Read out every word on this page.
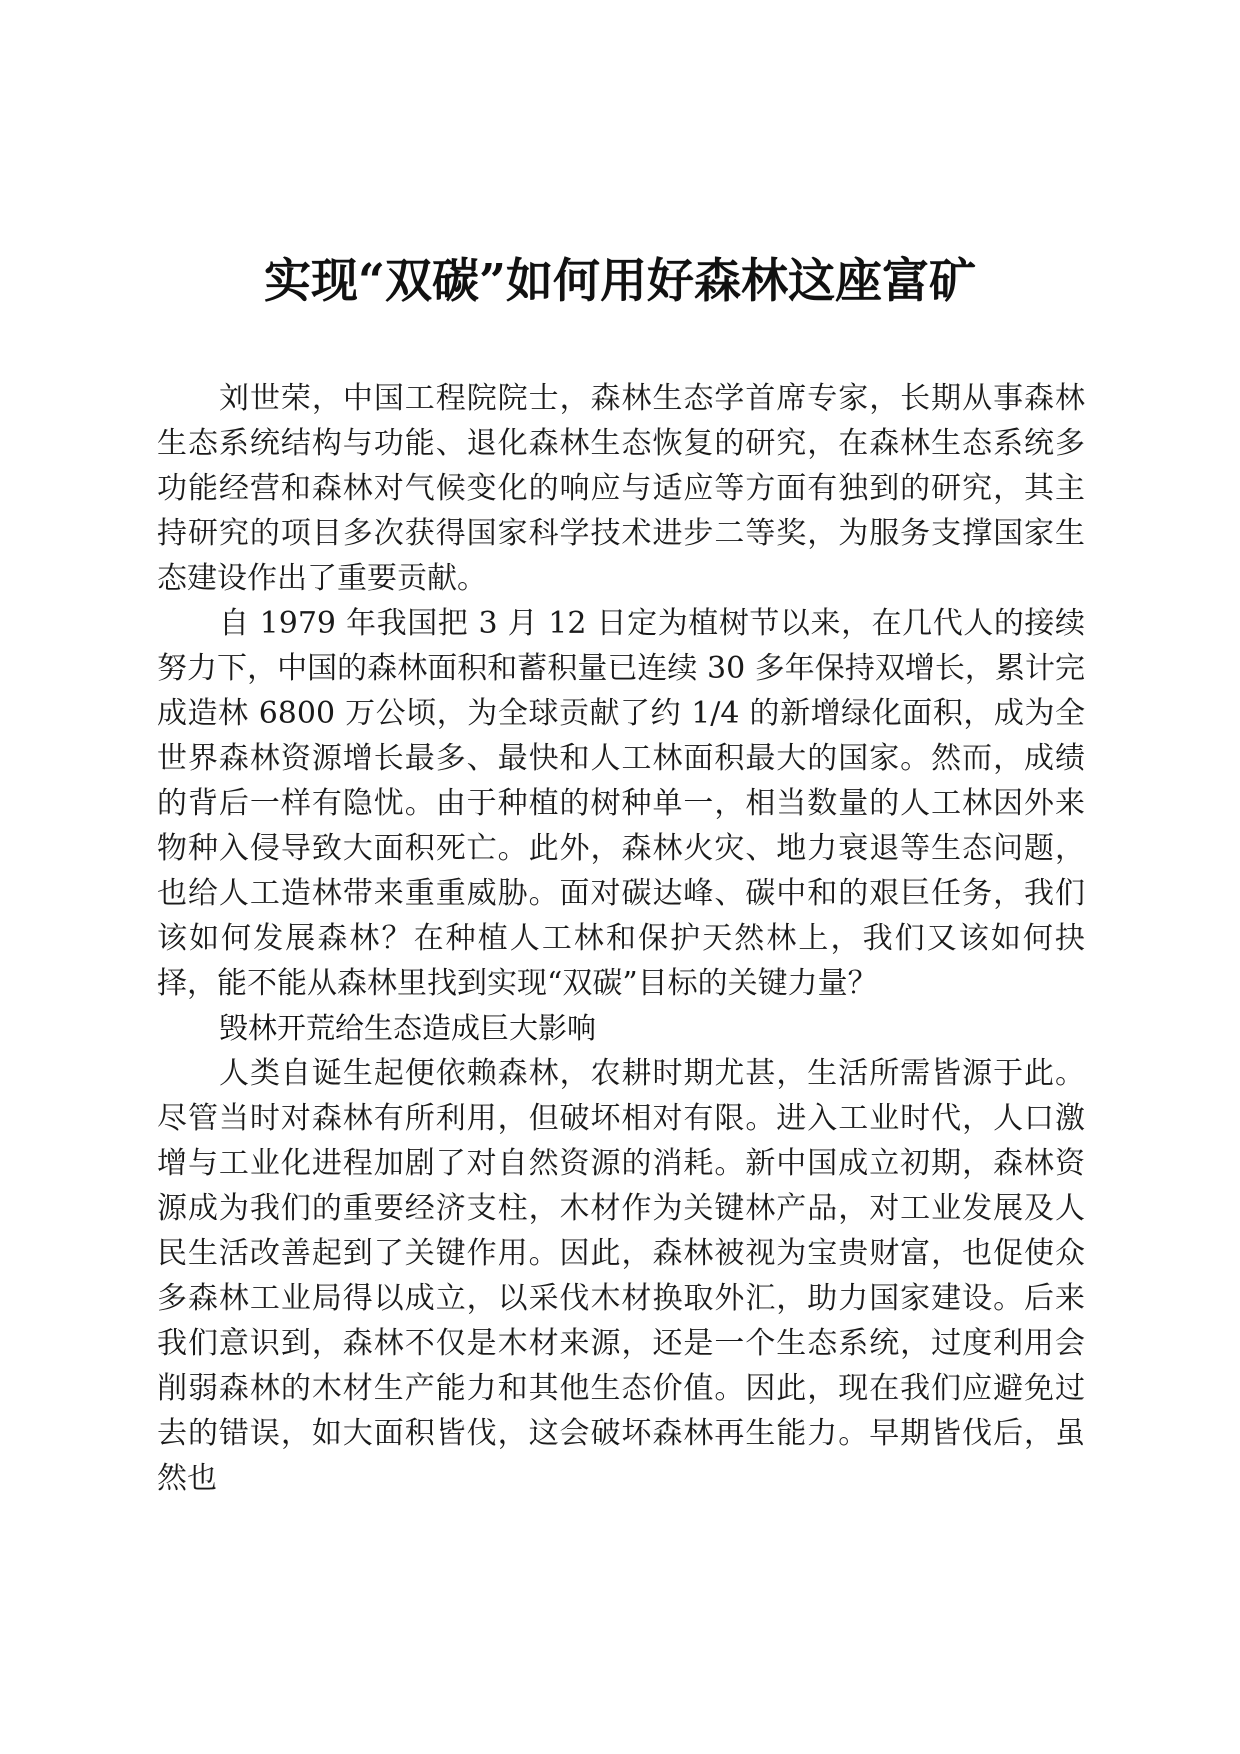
实现“双碳”如何用好森林这座富矿

刘世荣，中国工程院院士，森林生态学首席专家，长期从事森林生态系统结构与功能、退化森林生态恢复的研究，在森林生态系统多功能经营和森林对气候变化的响应与适应等方面有独到的研究，其主持研究的项目多次获得国家科学技术进步二等奖，为服务支撑国家生态建设作出了重要贡献。

自 1979 年我国把 3 月 12 日定为植树节以来，在几代人的接续努力下，中国的森林面积和蓄积量已连续 30 多年保持双增长，累计完成造林 6800 万公顷，为全球贡献了约 1/4 的新增绿化面积，成为全世界森林资源增长最多、最快和人工林面积最大的国家。然而，成绩的背后一样有隐忧。由于种植的树种单一，相当数量的人工林因外来物种入侵导致大面积死亡。此外，森林火灾、地力衰退等生态问题，也给人工造林带来重重威胁。面对碳达峰、碳中和的艰巨任务，我们该如何发展森林？在种植人工林和保护天然林上，我们又该如何抉择，能不能从森林里找到实现“双碳”目标的关键力量？

毁林开荒给生态造成巨大影响

人类自诞生起便依赖森林，农耕时期尤甚，生活所需皆源于此。尽管当时对森林有所利用，但破坏相对有限。进入工业时代，人口激增与工业化进程加剧了对自然资源的消耗。新中国成立初期，森林资源成为我们的重要经济支柱，木材作为关键林产品，对工业发展及人民生活改善起到了关键作用。因此，森林被视为宝贵财富，也促使众多森林工业局得以成立，以采伐木材换取外汇，助力国家建设。后来我们意识到，森林不仅是木材来源，还是一个生态系统，过度利用会削弱森林的木材生产能力和其他生态价值。因此，现在我们应避免过去的错误，如大面积皆伐，这会破坏森林再生能力。早期皆伐后，虽然也
